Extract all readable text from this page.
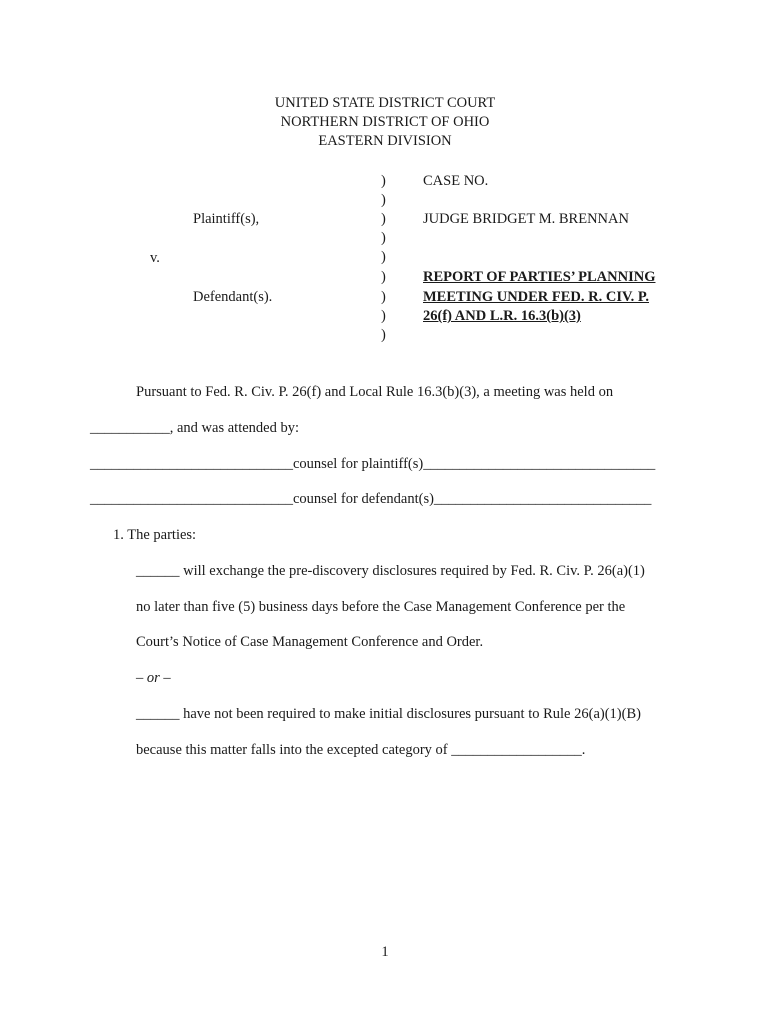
UNITED STATE DISTRICT COURT
NORTHERN DISTRICT OF OHIO
EASTERN DIVISION
Plaintiff(s),
v.
Defendant(s).
)
)
)
)
)
)
)
)
)
CASE NO.
JUDGE BRIDGET M. BRENNAN
REPORT OF PARTIES’ PLANNING
MEETING UNDER FED. R. CIV. P.
26(f) AND L.R. 16.3(b)(3)
Pursuant to Fed. R. Civ. P. 26(f) and Local Rule 16.3(b)(3), a meeting was held on
___________, and was attended by:
____________________________counsel for plaintiff(s)________________________________
____________________________counsel for defendant(s)______________________________
1. The parties:
______ will exchange the pre-discovery disclosures required by Fed. R. Civ. P. 26(a)(1)
no later than five (5) business days before the Case Management Conference per the
Court’s Notice of Case Management Conference and Order.
– or –
______ have not been required to make initial disclosures pursuant to Rule 26(a)(1)(B)
because this matter falls into the excepted category of __________________.
1
